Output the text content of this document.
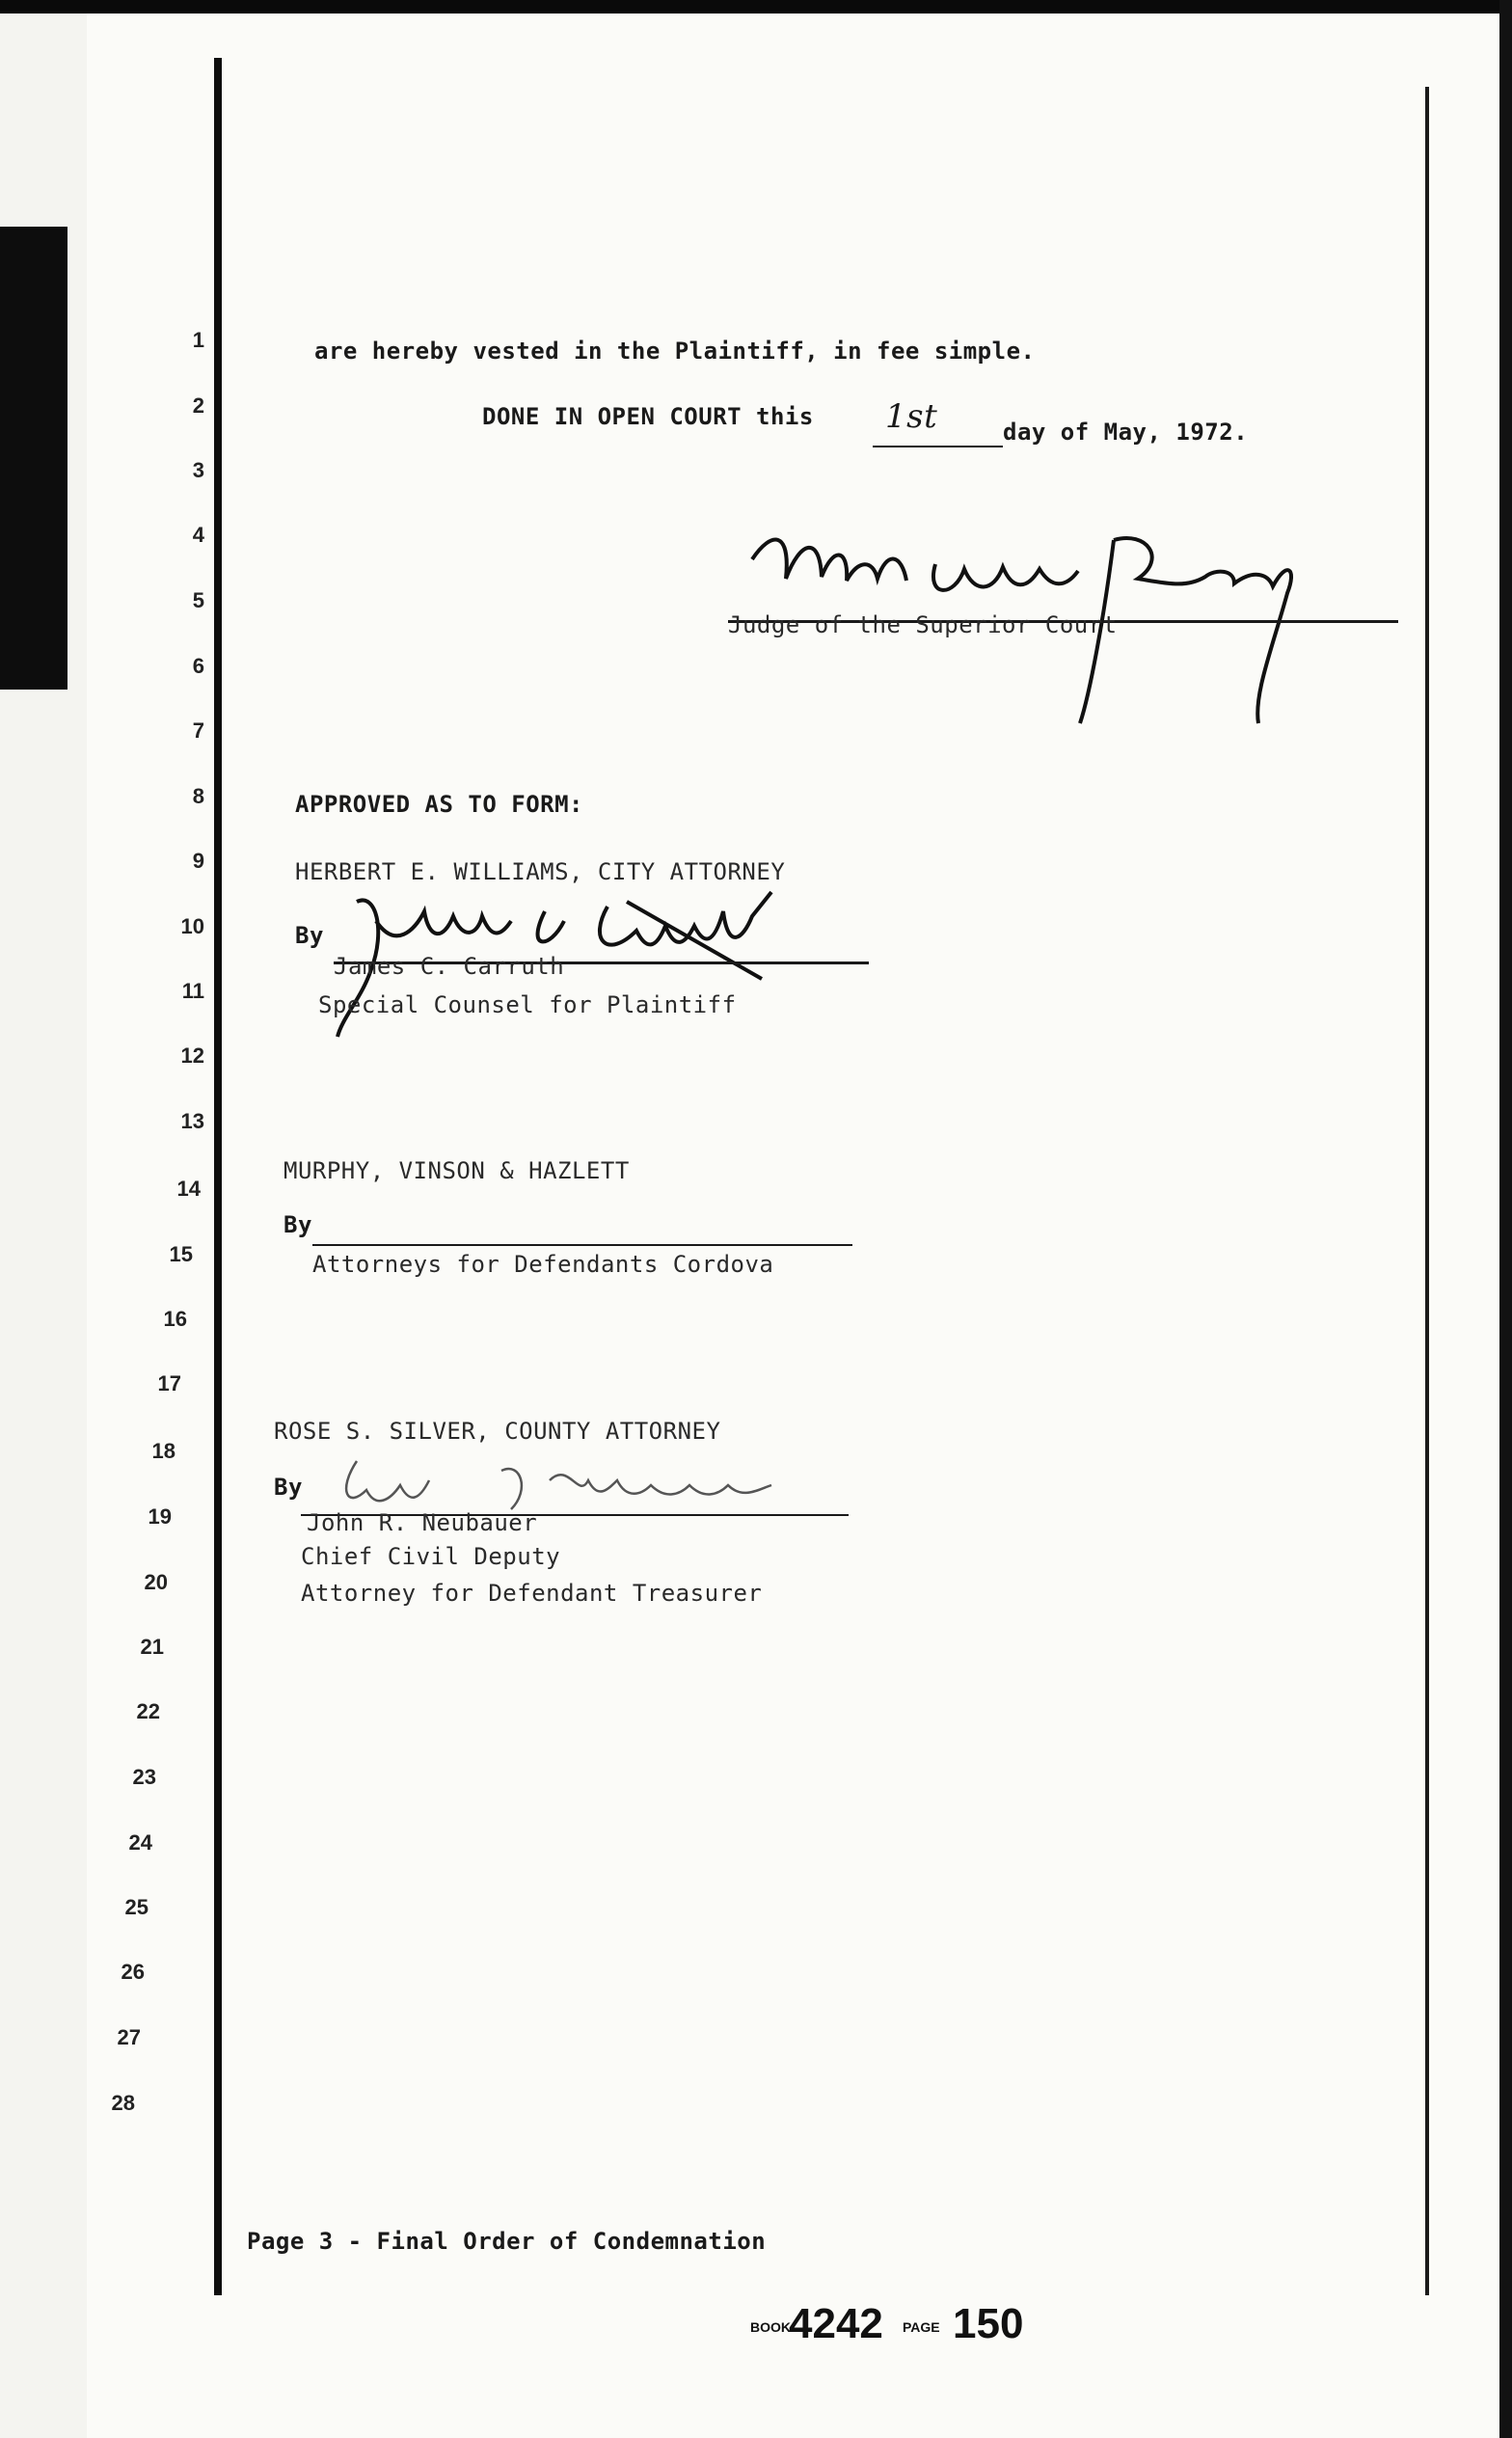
1
2
3
4
5
6
7
8
9
10
11
12
13
14
15
16
17
18
19
20
21
22
23
24
25
26
27
28
are hereby vested in the Plaintiff, in fee simple.
DONE IN OPEN COURT this 1st	day of May, 1972.
Mary Anne Richey
Judge of the Superior Court
APPROVED AS TO FORM:
HERBERT E. WILLIAMS, CITY ATTORNEY
By
James C. Carruth
Special Counsel for Plaintiff
MURPHY, VINSON & HAZLETT
By
Attorneys for Defendants Cordova
ROSE S. SILVER, COUNTY ATTORNEY
By
John R. Neubauer
Chief Civil Deputy
Attorney for Defendant Treasurer
Page 3 - Final Order of Condemnation
BOOK
4242 PAGE 150
